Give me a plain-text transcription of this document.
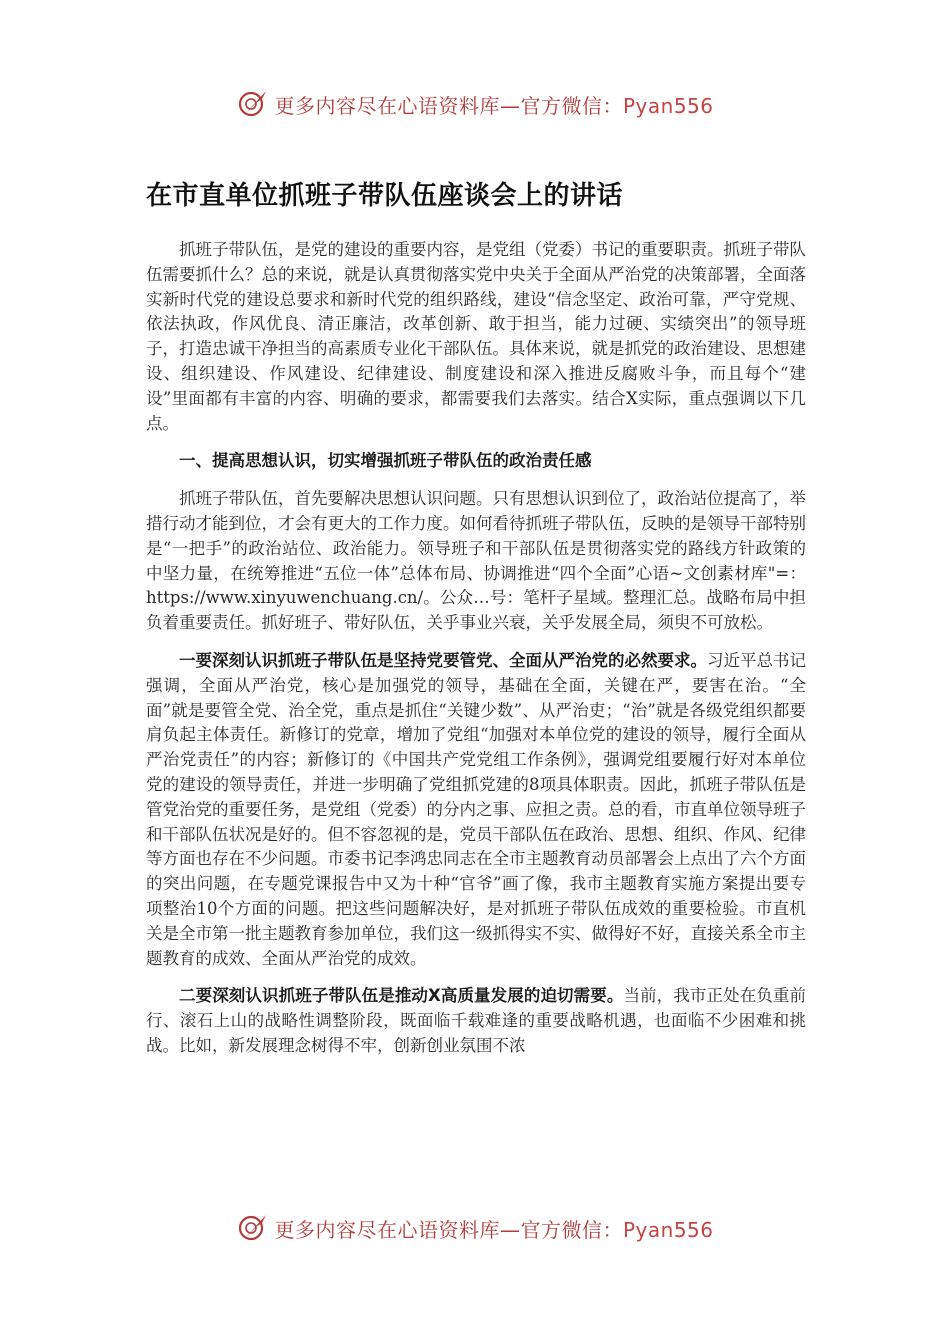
更多内容尽在心语资料库—官方微信：Pyan556
在市直单位抓班子带队伍座谈会上的讲话

抓班子带队伍，是党的建设的重要内容，是党组（党委）书记的重要职责。抓班子带队伍需要抓什么？总的来说，就是认真贯彻落实党中央关于全面从严治党的决策部署，全面落实新时代党的建设总要求和新时代党的组织路线，建设“信念坚定、政治可靠，严守党规、依法执政，作风优良、清正廉洁，改革创新、敢于担当，能力过硬、实绩突出”的领导班子，打造忠诚干净担当的高素质专业化干部队伍。具体来说，就是抓党的政治建设、思想建设、组织建设、作风建设、纪律建设、制度建设和深入推进反腐败斗争，而且每个“建设”里面都有丰富的内容、明确的要求，都需要我们去落实。结合X实际，重点强调以下几点。

一、提高思想认识，切实增强抓班子带队伍的政治责任感

抓班子带队伍，首先要解决思想认识问题。只有思想认识到位了，政治站位提高了，举措行动才能到位，才会有更大的工作力度。如何看待抓班子带队伍，反映的是领导干部特别是“一把手”的政治站位、政治能力。领导班子和干部队伍是贯彻落实党的路线方针政策的中坚力量，在统筹推进“五位一体”总体布局、协调推进“四个全面”心语~文创素材库"=：https://www.xinyuwenchuang.cn/。公众…号：笔杆子星域。整理汇总。战略布局中担负着重要责任。抓好班子、带好队伍，关乎事业兴衰，关乎发展全局，须臾不可放松。

一要深刻认识抓班子带队伍是坚持党要管党、全面从严治党的必然要求。习近平总书记强调，全面从严治党，核心是加强党的领导，基础在全面，关键在严，要害在治。“全面”就是要管全党、治全党，重点是抓住“关键少数”、从严治吏；“治”就是各级党组织都要肩负起主体责任。新修订的党章，增加了党组“加强对本单位党的建设的领导，履行全面从严治党责任”的内容；新修订的《中国共产党党组工作条例》，强调党组要履行好对本单位党的建设的领导责任，并进一步明确了党组抓党建的8项具体职责。因此，抓班子带队伍是管党治党的重要任务，是党组（党委）的分内之事、应担之责。总的看，市直单位领导班子和干部队伍状况是好的。但不容忽视的是，党员干部队伍在政治、思想、组织、作风、纪律等方面也存在不少问题。市委书记李鸿忠同志在全市主题教育动员部署会上点出了六个方面的突出问题，在专题党课报告中又为十种“官爷”画了像，我市主题教育实施方案提出要专项整治10个方面的问题。把这些问题解决好，是对抓班子带队伍成效的重要检验。市直机关是全市第一批主题教育参加单位，我们这一级抓得实不实、做得好不好，直接关系全市主题教育的成效、全面从严治党的成效。

二要深刻认识抓班子带队伍是推动X高质量发展的迫切需要。当前，我市正处在负重前行、滚石上山的战略性调整阶段，既面临千载难逢的重要战略机遇，也面临不少困难和挑战。比如，新发展理念树得不牢，创新创业氛围不浓

更多内容尽在心语资料库—官方微信：Pyan556
